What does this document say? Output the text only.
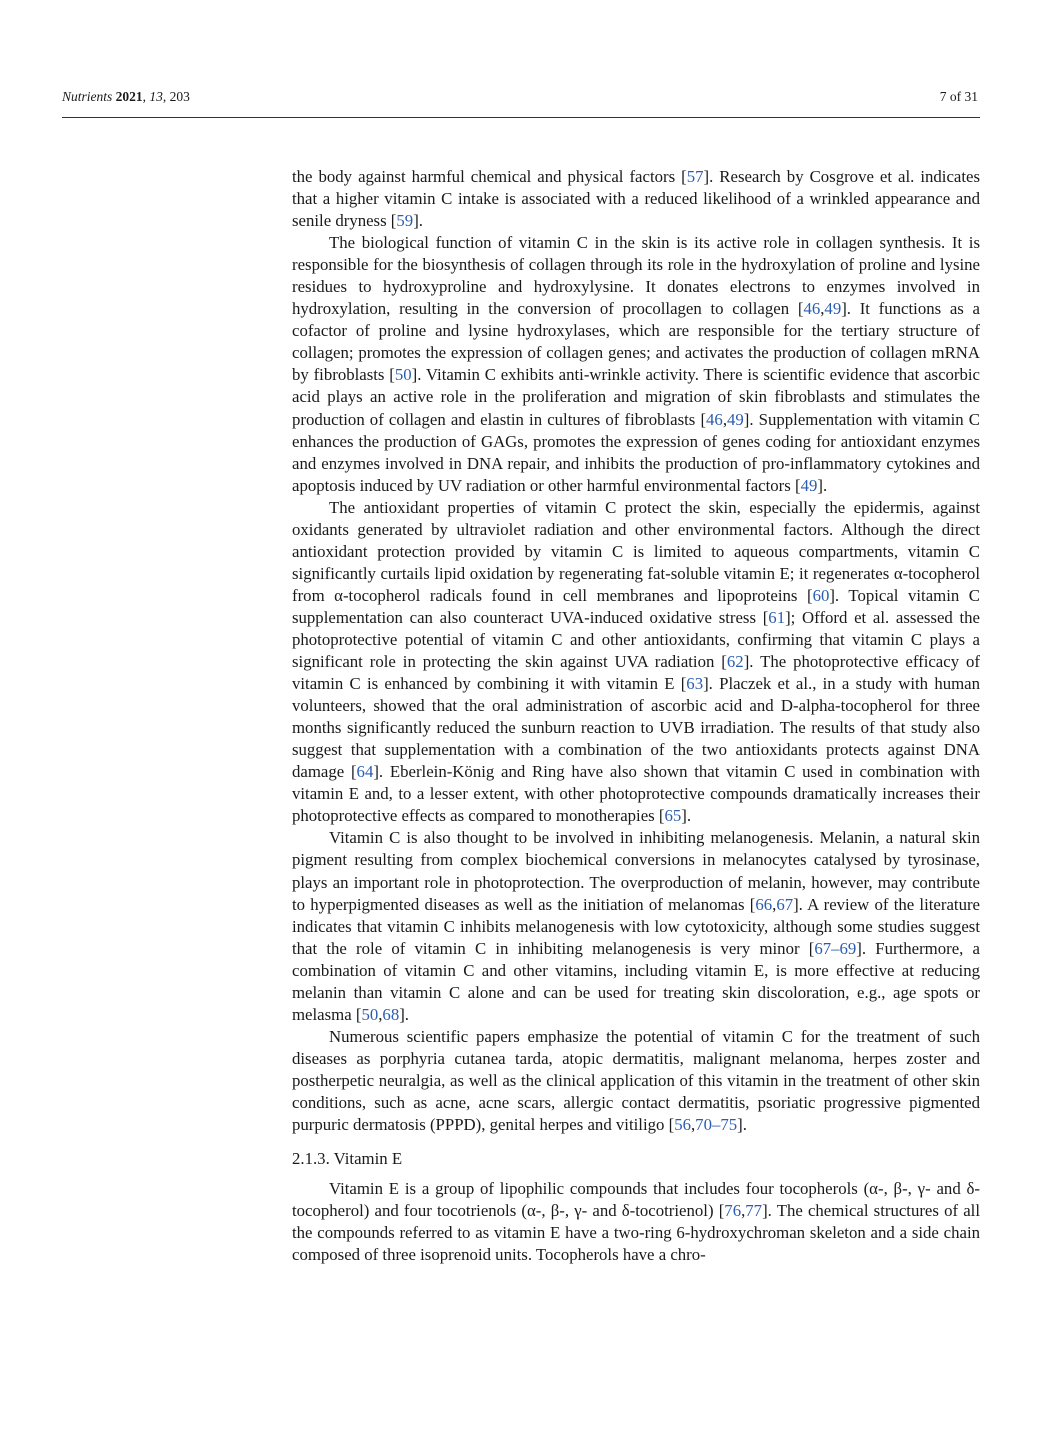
Nutrients 2021, 13, 203	7 of 31

the body against harmful chemical and physical factors [57]. Research by Cosgrove et al. indicates that a higher vitamin C intake is associated with a reduced likelihood of a wrinkled appearance and senile dryness [59].

The biological function of vitamin C in the skin is its active role in collagen synthesis. It is responsible for the biosynthesis of collagen through its role in the hydroxylation of proline and lysine residues to hydroxyproline and hydroxylysine. It donates electrons to enzymes involved in hydroxylation, resulting in the conversion of procollagen to collagen [46,49]. It functions as a cofactor of proline and lysine hydroxylases, which are responsible for the tertiary structure of collagen; promotes the expression of collagen genes; and activates the production of collagen mRNA by fibroblasts [50]. Vitamin C exhibits anti-wrinkle activity. There is scientific evidence that ascorbic acid plays an active role in the proliferation and migration of skin fibroblasts and stimulates the production of collagen and elastin in cultures of fibroblasts [46,49]. Supplementation with vitamin C enhances the production of GAGs, promotes the expression of genes coding for antioxidant enzymes and enzymes involved in DNA repair, and inhibits the production of pro-inflammatory cytokines and apoptosis induced by UV radiation or other harmful environmental factors [49].

The antioxidant properties of vitamin C protect the skin, especially the epidermis, against oxidants generated by ultraviolet radiation and other environmental factors. Although the direct antioxidant protection provided by vitamin C is limited to aqueous compartments, vitamin C significantly curtails lipid oxidation by regenerating fat-soluble vitamin E; it regenerates α-tocopherol from α-tocopherol radicals found in cell membranes and lipoproteins [60]. Topical vitamin C supplementation can also counteract UVA-induced oxidative stress [61]; Offord et al. assessed the photoprotective potential of vitamin C and other antioxidants, confirming that vitamin C plays a significant role in protecting the skin against UVA radiation [62]. The photoprotective efficacy of vitamin C is enhanced by combining it with vitamin E [63]. Placzek et al., in a study with human volunteers, showed that the oral administration of ascorbic acid and D-alpha-tocopherol for three months significantly reduced the sunburn reaction to UVB irradiation. The results of that study also suggest that supplementation with a combination of the two antioxidants protects against DNA damage [64]. Eberlein-König and Ring have also shown that vitamin C used in combination with vitamin E and, to a lesser extent, with other photoprotective compounds dramatically increases their photoprotective effects as compared to monotherapies [65].

Vitamin C is also thought to be involved in inhibiting melanogenesis. Melanin, a natural skin pigment resulting from complex biochemical conversions in melanocytes catalysed by tyrosinase, plays an important role in photoprotection. The overproduction of melanin, however, may contribute to hyperpigmented diseases as well as the initiation of melanomas [66,67]. A review of the literature indicates that vitamin C inhibits melanogenesis with low cytotoxicity, although some studies suggest that the role of vitamin C in inhibiting melanogenesis is very minor [67–69]. Furthermore, a combination of vitamin C and other vitamins, including vitamin E, is more effective at reducing melanin than vitamin C alone and can be used for treating skin discoloration, e.g., age spots or melasma [50,68].

Numerous scientific papers emphasize the potential of vitamin C for the treatment of such diseases as porphyria cutanea tarda, atopic dermatitis, malignant melanoma, herpes zoster and postherpetic neuralgia, as well as the clinical application of this vitamin in the treatment of other skin conditions, such as acne, acne scars, allergic contact dermatitis, psoriatic progressive pigmented purpuric dermatosis (PPPD), genital herpes and vitiligo [56,70–75].

2.1.3. Vitamin E

Vitamin E is a group of lipophilic compounds that includes four tocopherols (α-, β-, γ- and δ-tocopherol) and four tocotrienols (α-, β-, γ- and δ-tocotrienol) [76,77]. The chemical structures of all the compounds referred to as vitamin E have a two-ring 6-hydroxychroman skeleton and a side chain composed of three isoprenoid units. Tocopherols have a chro-
